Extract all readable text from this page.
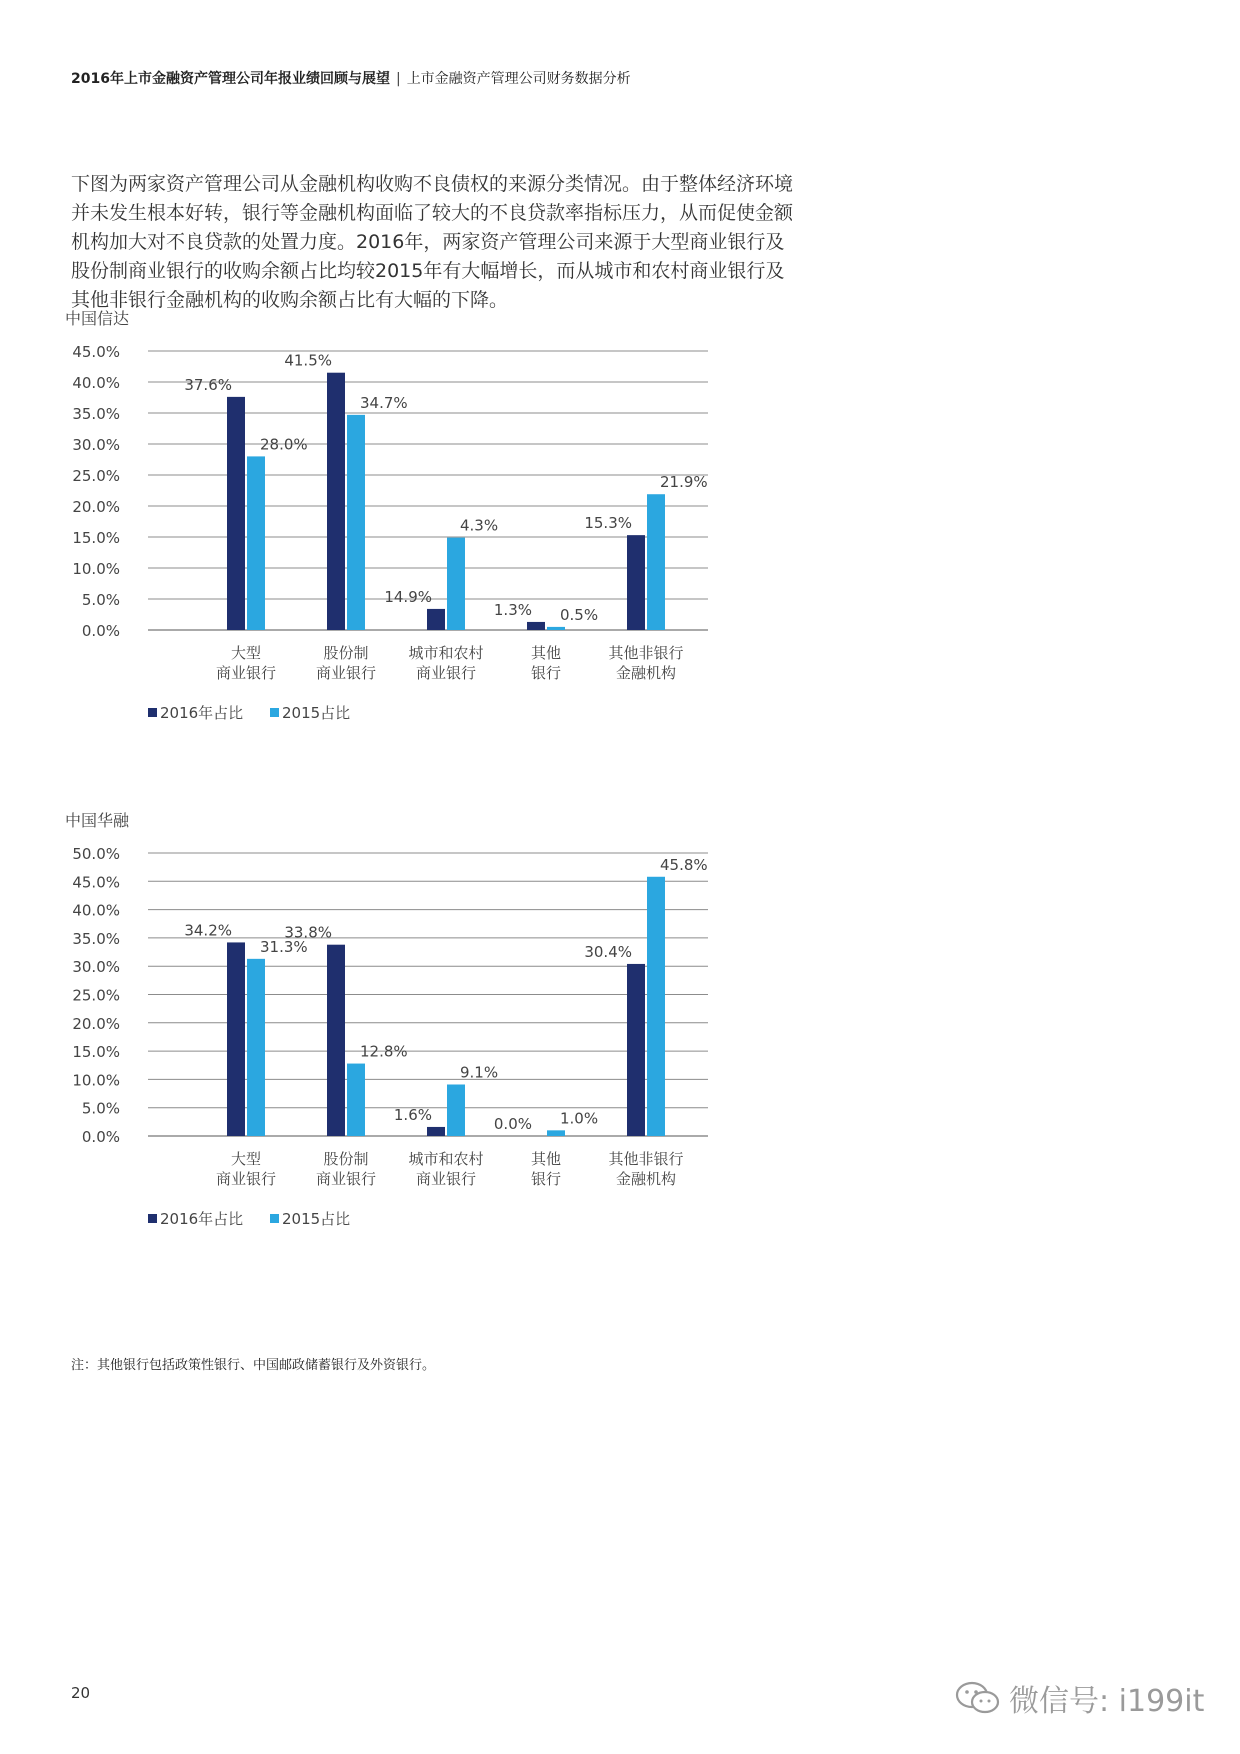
2016年上市金融资产管理公司年报业绩回顾与展望 | 上市金融资产管理公司财务数据分析

下图为两家资产管理公司从金融机构收购不良债权的来源分类情况。由于整体经济环境并未发生根本好转，银行等金融机构面临了较大的不良贷款率指标压力，从而促使金额机构加大对不良贷款的处置力度。2016年，两家资产管理公司来源于大型商业银行及股份制商业银行的收购余额占比均较2015年有大幅增长，而从城市和农村商业银行及其他非银行金融机构的收购余额占比有大幅的下降。

中国信达
0.0%
5.0%
10.0%
15.0%
20.0%
25.0%
30.0%
35.0%
40.0%
45.0%
37.6%
41.5%
14.9%
1.3%
15.3%
28.0%
34.7%
4.3%
0.5%
21.9%
大型
商业银行
股份制
商业银行
城市和农村
商业银行
其他
银行
其他非银行
金融机构
2016年占比	2015占比
中国华融
0.0%
5.0%
10.0%
15.0%
20.0%
25.0%
30.0%
35.0%
40.0%
45.0%
50.0%
34.2%	33.8%
1.6%
0.0%
30.4%
31.3%
12.8%
9.1%
1.0%
45.8%
大型
商业银行
股份制
商业银行
城市和农村
商业银行
其他
银行
其他非银行
金融机构
2016年占比	2015占比
注：其他银行包括政策性银行、中国邮政储蓄银行及外资银行。
20	微信号: i199it
